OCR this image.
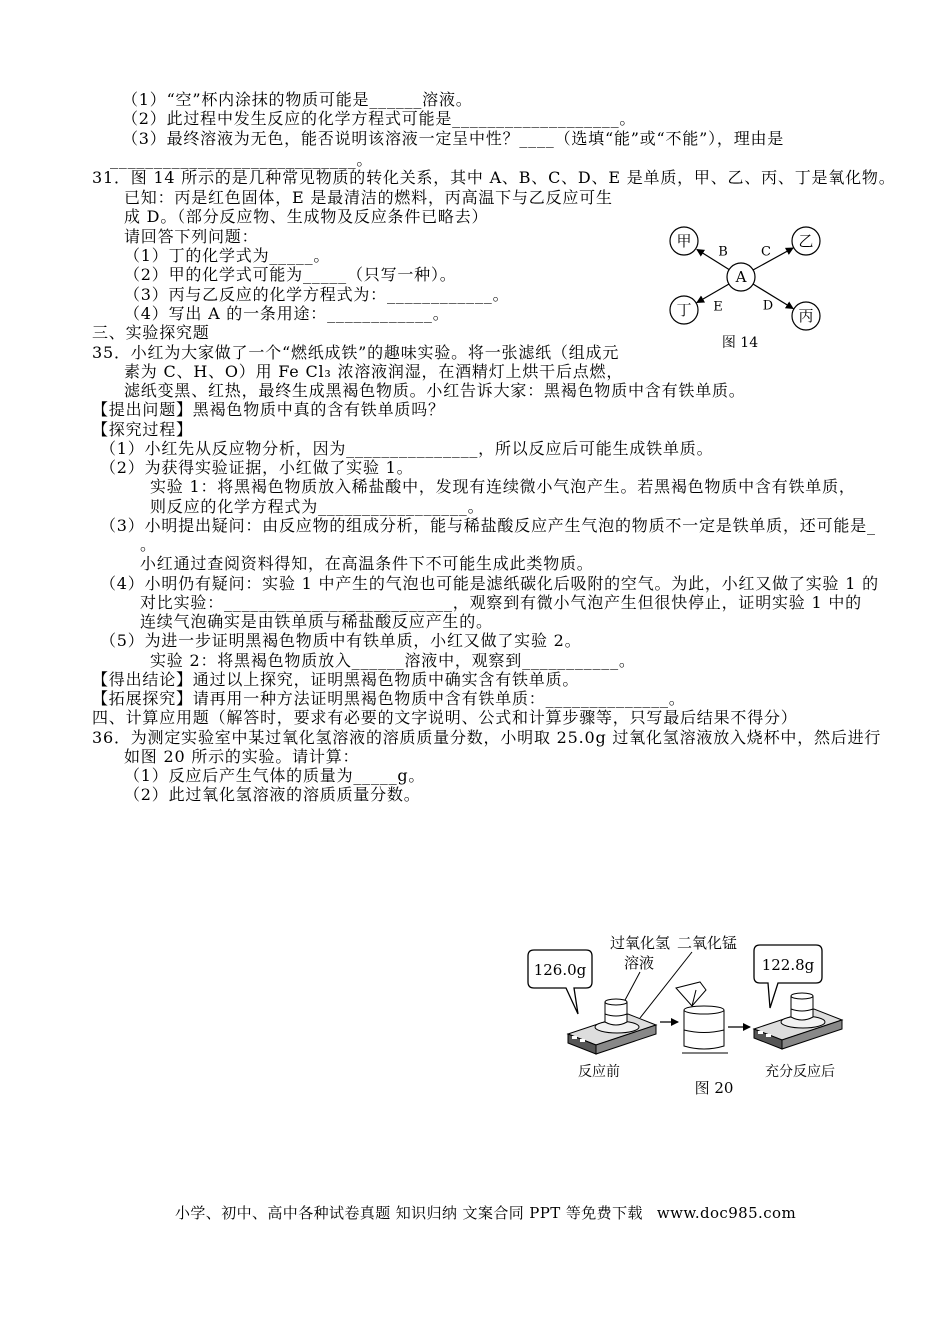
（1）“空”杯内涂抹的物质可能是______溶液。
（2）此过程中发生反应的化学方程式可能是___________________。
（3）最终溶液为无色，能否说明该溶液一定呈中性？____（选填“能”或“不能”），理由是
____________________________。
31．图 14 所示的是几种常见物质的转化关系，其中 A、B、C、D、E 是单质，甲、乙、丙、丁是氧化物。
已知：丙是红色固体，E 是最清洁的燃料，丙高温下与乙反应可生
成 D。（部分反应物、生成物及反应条件已略去）
请回答下列问题：
（1）丁的化学式为_____。
（2）甲的化学式可能为_____（只写一种）。
（3）丙与乙反应的化学方程式为：____________。
（4）写出 A 的一条用途：____________。
三、实验探究题
35．小红为大家做了一个“燃纸成铁”的趣味实验。将一张滤纸（组成元
素为 C、H、O）用 Fe Cl₃ 浓溶液润湿，在酒精灯上烘干后点燃，
滤纸变黑、红热，最终生成黑褐色物质。小红告诉大家：黑褐色物质中含有铁单质。
【提出问题】黑褐色物质中真的含有铁单质吗？
【探究过程】
（1）小红先从反应物分析，因为_______________，所以反应后可能生成铁单质。
（2）为获得实验证据，小红做了实验 1。
实验 1：将黑褐色物质放入稀盐酸中，发现有连续微小气泡产生。若黑褐色物质中含有铁单质，
则反应的化学方程式为_________________。
（3）小明提出疑问：由反应物的组成分析，能与稀盐酸反应产生气泡的物质不一定是铁单质，还可能是_
。
小红通过查阅资料得知，在高温条件下不可能生成此类物质。
（4）小明仍有疑问：实验 1 中产生的气泡也可能是滤纸碳化后吸附的空气。为此，小红又做了实验 1 的
对比实验：__________________________，观察到有微小气泡产生但很快停止，证明实验 1 中的
连续气泡确实是由铁单质与稀盐酸反应产生的。
（5）为进一步证明黑褐色物质中有铁单质，小红又做了实验 2。
实验 2：将黑褐色物质放入______溶液中，观察到___________。
【得出结论】通过以上探究，证明黑褐色物质中确实含有铁单质。
【拓展探究】请再用一种方法证明黑褐色物质中含有铁单质：______________。
四、计算应用题（解答时，要求有必要的文字说明、公式和计算步骤等，只写最后结果不得分）
36．为测定实验室中某过氧化氢溶液的溶质质量分数，小明取 25.0g 过氧化氢溶液放入烧杯中，然后进行
如图 20 所示的实验。请计算：
（1）反应后产生气体的质量为_____g。
（2）此过氧化氢溶液的溶质质量分数。
甲	乙
A
丁	丙
B	C
E	D
图 14
过氧化氢
溶液
二氧化锰
126.0g	122.8g
反应前	充分反应后
图 20
小学、初中、高中各种试卷真题 知识归纳 文案合同 PPT 等免费下载 www.doc985.com
